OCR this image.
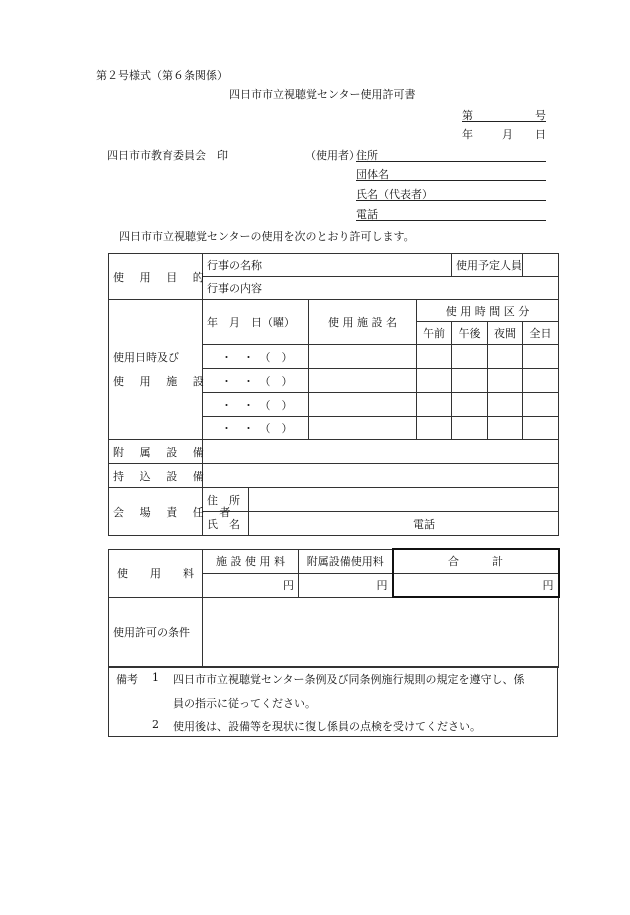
第２号様式（第６条関係）
四日市市立視聴覚センター使用許可書
第	号
年	月 日
四日市市教育委員会　印	（使用者）
住所
団体名
氏名（代表者）
電話
四日市市立視聴覚センターの使用を次のとおり許可します。
使 用 目 的	行事の名称				使用予定人員		
	行事の内容						

使用日時及び
使 用 施 設	年　月　日（曜）		使 用 施 設 名	使 用 時 間 区 分			
				午前	午後	夜間	全日
	・　・　（　）						
	・　・　（　）						
	・　・　（　）						
	・　・　（　）						
附 属 設 備							
持 込 設 備							
会 場 責 任 者	住　所						
	氏　名	電話					
使　　用　　料	施 設 使 用 料	附属設備使用料	合　　　計
	円	円	円
使用許可の条件			
備考 1 四日市市立視聴覚センター条例及び同条例施行規則の規定を遵守し、係
員の指示に従ってください。
2 使用後は、設備等を現状に復し係員の点検を受けてください。
